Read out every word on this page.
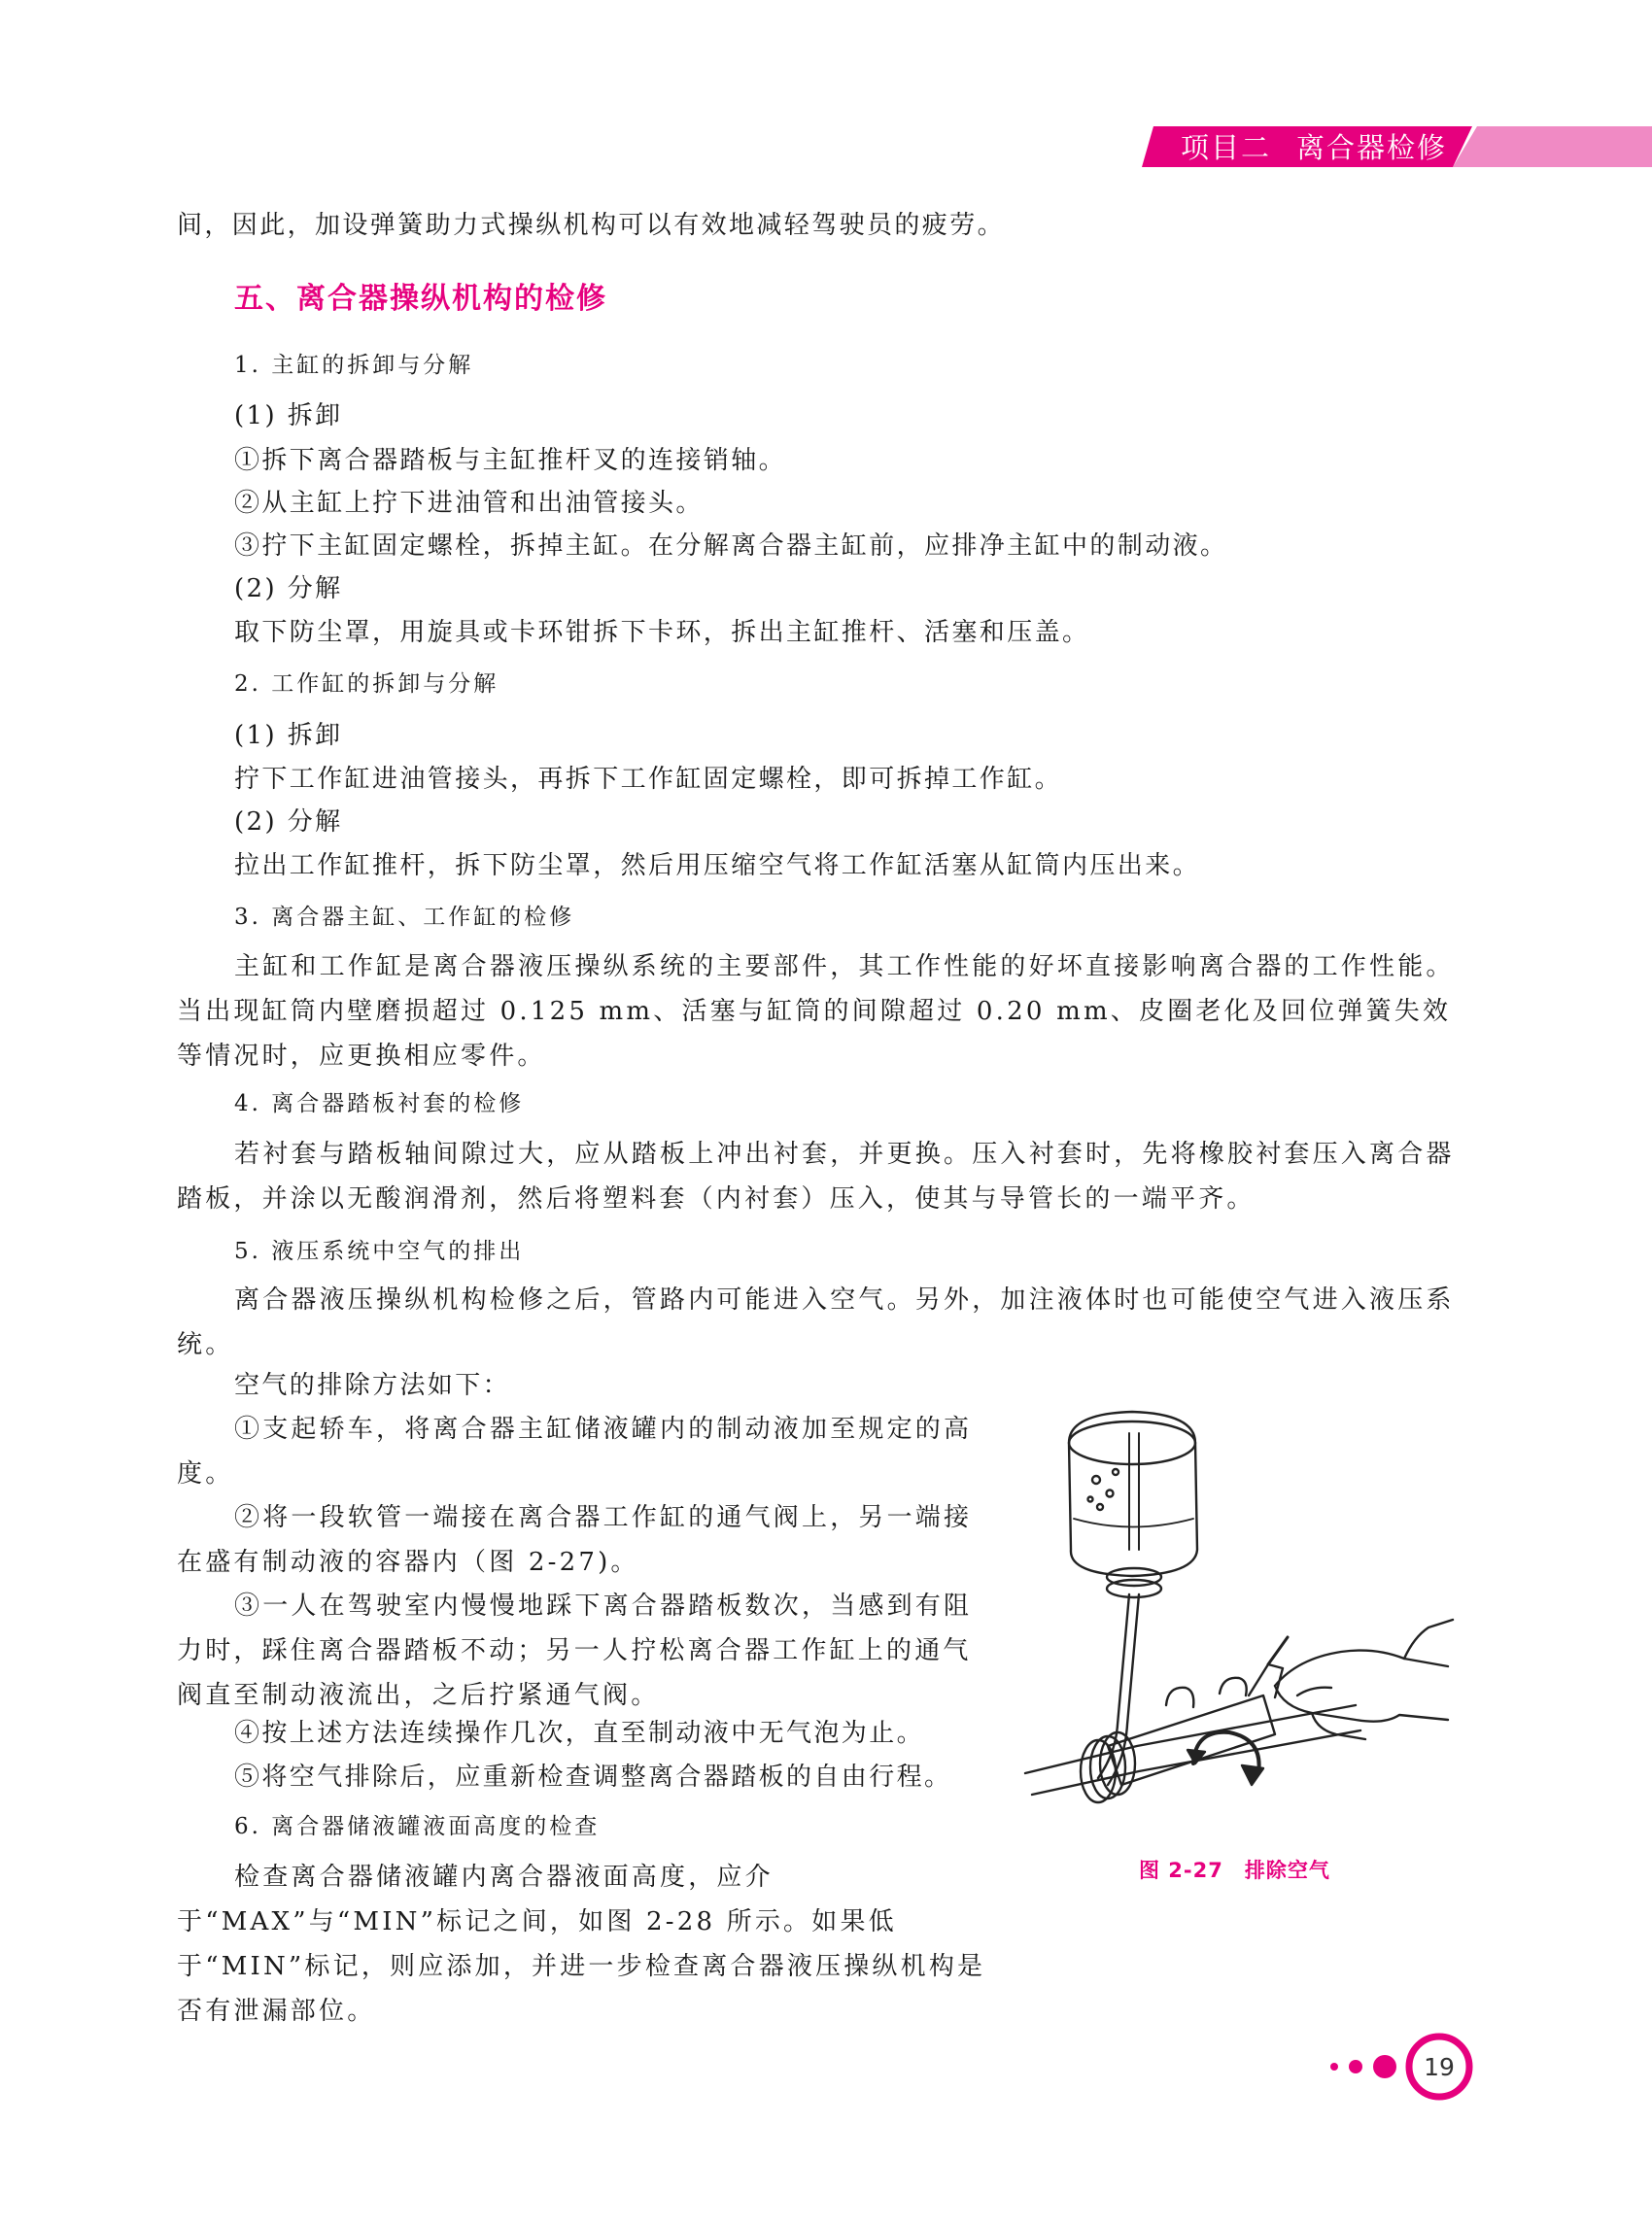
项目二 离合器检修
间，因此，加设弹簧助力式操纵机构可以有效地减轻驾驶员的疲劳。
五、离合器操纵机构的检修
1. 主缸的拆卸与分解
(1) 拆卸
①拆下离合器踏板与主缸推杆叉的连接销轴。
②从主缸上拧下进油管和出油管接头。
③拧下主缸固定螺栓，拆掉主缸。在分解离合器主缸前，应排净主缸中的制动液。
(2) 分解
取下防尘罩，用旋具或卡环钳拆下卡环，拆出主缸推杆、活塞和压盖。
2. 工作缸的拆卸与分解
(1) 拆卸
拧下工作缸进油管接头，再拆下工作缸固定螺栓，即可拆掉工作缸。
(2) 分解
拉出工作缸推杆，拆下防尘罩，然后用压缩空气将工作缸活塞从缸筒内压出来。
3. 离合器主缸、工作缸的检修
主缸和工作缸是离合器液压操纵系统的主要部件，其工作性能的好坏直接影响离合器的工作性能。当出现缸筒内壁磨损超过 0.125 mm、活塞与缸筒的间隙超过 0.20 mm、皮圈老化及回位弹簧失效等情况时，应更换相应零件。
4. 离合器踏板衬套的检修
若衬套与踏板轴间隙过大，应从踏板上冲出衬套，并更换。压入衬套时，先将橡胶衬套压入离合器踏板，并涂以无酸润滑剂，然后将塑料套（内衬套）压入，使其与导管长的一端平齐。
5. 液压系统中空气的排出
离合器液压操纵机构检修之后，管路内可能进入空气。另外，加注液体时也可能使空气进入液压系统。
空气的排除方法如下：
①支起轿车，将离合器主缸储液罐内的制动液加至规定的高度。
②将一段软管一端接在离合器工作缸的通气阀上，另一端接在盛有制动液的容器内（图 2-27)。
③一人在驾驶室内慢慢地踩下离合器踏板数次，当感到有阻力时，踩住离合器踏板不动；另一人拧松离合器工作缸上的通气阀直至制动液流出，之后拧紧通气阀。
④按上述方法连续操作几次，直至制动液中无气泡为止。
⑤将空气排除后，应重新检查调整离合器踏板的自由行程。
6. 离合器储液罐液面高度的检查
检查离合器储液罐内离合器液面高度，应介于“MAX”与“MIN”标记之间，如图 2-28 所示。如果低于“MIN”标记，则应添加，并进一步检查离合器液压操纵机构是否有泄漏部位。
图 2-27　排除空气
19
